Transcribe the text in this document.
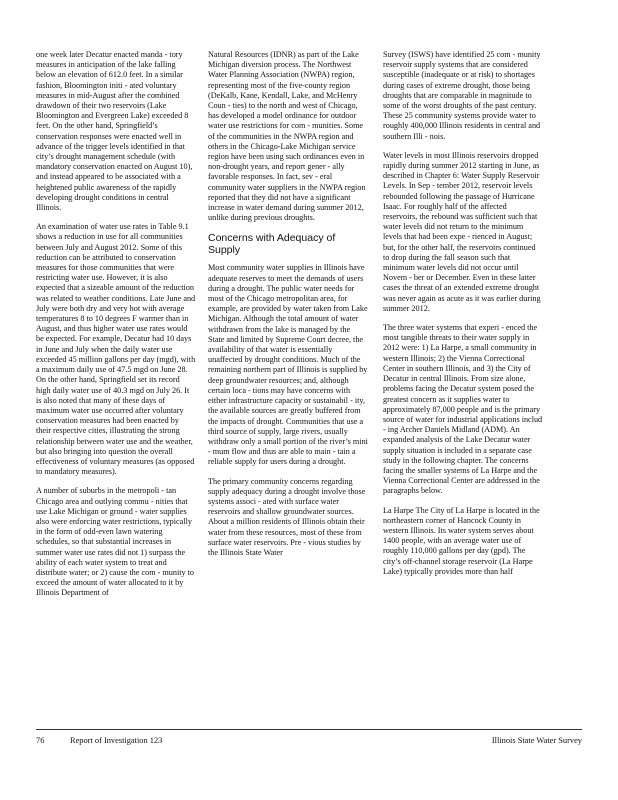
one week later Decatur enacted manda - tory measures in anticipation of the lake falling below an elevation of 612.0 feet. In a similar fashion, Bloomington initi - ated voluntary measures in mid-August after the combined drawdown of their two reservoirs (Lake Bloomington and Evergreen Lake) exceeded 8 feet. On the other hand, Springfield’s conservation responses were enacted well in advance of the trigger levels identified in that city’s drought management schedule (with mandatory conservation enacted on August 10), and instead appeared to be associated with a heightened public awareness of the rapidly developing drought conditions in central Illinois.

An examination of water use rates in Table 9.1 shows a reduction in use for all communities between July and August 2012. Some of this reduction can be attributed to conservation measures for those communities that were restricting water use. However, it is also expected that a sizeable amount of the reduction was related to weather conditions. Late June and July were both dry and very hot with average temperatures 8 to 10 degrees F warmer than in August, and thus higher water use rates would be expected. For example, Decatur had 10 days in June and July when the daily water use exceeded 45 million gallons per day (mgd), with a maximum daily use of 47.5 mgd on June 28. On the other hand, Springfield set its record high daily water use of 40.3 mgd on July 26. It is also noted that many of these days of maximum water use occurred after voluntary conservation measures had been enacted by their respective cities, illustrating the strong relationship between water use and the weather, but also bringing into question the overall effectiveness of voluntary measures (as opposed to mandatory measures).

A number of suburbs in the metropoli - tan Chicago area and outlying commu - nities that use Lake Michigan or ground - water supplies also were enforcing water restrictions, typically in the form of odd-even lawn watering schedules, so that substantial increases in summer water use rates did not 1) surpass the ability of each water system to treat and distribute water; or 2) cause the com - munity to exceed the amount of water allocated to it by Illinois Department of

Natural Resources (IDNR) as part of the Lake Michigan diversion process. The Northwest Water Planning Association (NWPA) region, representing most of the five-county region (DeKalb, Kane, Kendall, Lake, and McHenry Coun - ties) to the north and west of Chicago, has developed a model ordinance for outdoor water use restrictions for com - munities. Some of the communities in the NWPA region and others in the Chicago-Lake Michigan service region have been using such ordinances even in non-drought years, and report gener - ally favorable responses. In fact, sev - eral community water suppliers in the NWPA region reported that they did not have a significant increase in water demand during summer 2012, unlike during previous droughts.

Concerns with Adequacy of Supply

Most community water supplies in Illinois have adequate reserves to meet the demands of users during a drought. The public water needs for most of the Chicago metropolitan area, for example, are provided by water taken from Lake Michigan. Although the total amount of water withdrawn from the lake is managed by the State and limited by Supreme Court decree, the availability of that water is essentially unaffected by drought conditions. Much of the remaining northern part of Illinois is supplied by deep groundwater resources; and, although certain loca - tions may have concerns with either infrastructure capacity or sustainabil - ity, the available sources are greatly buffered from the impacts of drought. Communities that use a third source of supply, large rivers, usually withdraw only a small portion of the river’s mini - mum flow and thus are able to main - tain a reliable supply for users during a drought.

The primary community concerns regarding supply adequacy during a drought involve those systems associ - ated with surface water reservoirs and shallow groundwater sources. About a million residents of Illinois obtain their water from these resources, most of these from surface water reservoirs. Pre - vious studies by the Illinois State Water

Survey (ISWS) have identified 25 com - munity reservoir supply systems that are considered susceptible (inadequate or at risk) to shortages during cases of extreme drought, those being droughts that are comparable in magnitude to some of the worst droughts of the past century. These 25 community systems provide water to roughly 400,000 Illinois residents in central and southern Illi - nois.

Water levels in most Illinois reservoirs dropped rapidly during summer 2012 starting in June, as described in Chapter 6: Water Supply Reservoir Levels. In Sep - tember 2012, reservoir levels rebounded following the passage of Hurricane Isaac. For roughly half of the affected reservoirs, the rebound was sufficient such that water levels did not return to the minimum levels that had been expe - rienced in August; but, for the other half, the reservoirs continued to drop during the fall season such that minimum water levels did not occur until Novem - ber or December. Even in these latter cases the threat of an extended extreme drought was never again as acute as it was earlier during summer 2012.

The three water systems that experi - enced the most tangible threats to their water supply in 2012 were: 1) La Harpe, a small community in western Illinois; 2) the Vienna Correctional Center in southern Illinois, and 3) the City of Decatur in central Illinois. From size alone, problems facing the Decatur system posed the greatest concern as it supplies water to approximately 87,000 people and is the primary source of water for industrial applications includ - ing Archer Daniels Midland (ADM). An expanded analysis of the Lake Decatur water supply situation is included in a separate case study in the following chapter. The concerns facing the smaller systems of La Harpe and the Vienna Correctional Center are addressed in the paragraphs below.

La Harpe The City of La Harpe is located in the northeastern corner of Hancock County in western Illinois. Its water system serves about 1400 people, with an average water use of roughly 110,000 gallons per day (gpd). The city’s off-channel storage reservoir (La Harpe Lake) typically provides more than half

76	Report of Investigation 123	Illinois State Water Survey
